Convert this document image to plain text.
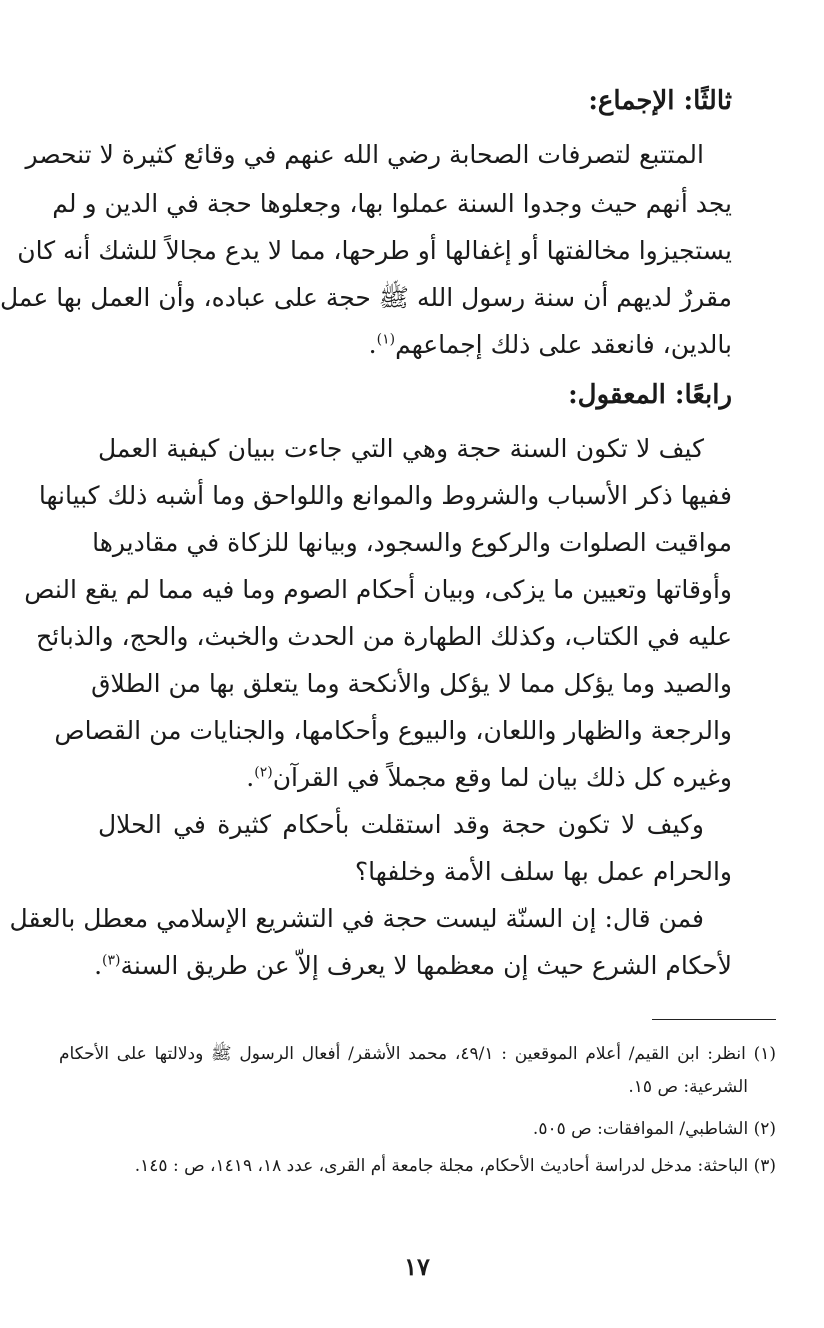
ثالثًا: الإجماع:
المتتبع لتصرفات الصحابة رضي الله عنهم في وقائع كثيرة لا تنحصر
يجد أنهم حيث وجدوا السنة عملوا بها، وجعلوها حجة في الدين و لم
يستجيزوا مخالفتها أو إغفالها أو طرحها، مما لا يدع مجالاً للشك أنه كان
مقررٌ لديهم أن سنة رسول الله ﷺ حجة على عباده، وأن العمل بها عمل
بالدين، فانعقد على ذلك إجماعهم$^{(١)}$.
رابعًا: المعقول:
كيف لا تكون السنة حجة وهي التي جاءت ببيان كيفية العمل
ففيها ذكر الأسباب والشروط والموانع واللواحق وما أشبه ذلك كبيانها
مواقيت الصلوات والركوع والسجود، وبيانها للزكاة في مقاديرها
وأوقاتها وتعيين ما يزكى، وبيان أحكام الصوم وما فيه مما لم يقع النص
عليه في الكتاب، وكذلك الطهارة من الحدث والخبث، والحج، والذبائح
والصيد وما يؤكل مما لا يؤكل والأنكحة وما يتعلق بها من الطلاق
والرجعة والظهار واللعان، والبيوع وأحكامها، والجنايات من القصاص
وغيره كل ذلك بيان لما وقع مجملاً في القرآن$^{(٢)}$.
وكيف لا تكون حجة وقد استقلت بأحكام كثيرة في الحلال
والحرام عمل بها سلف الأمة وخلفها؟
فمن قال: إن السنّة ليست حجة في التشريع الإسلامي معطل بالعقل
لأحكام الشرع حيث إن معظمها لا يعرف إلاّ عن طريق السنة$^{(٣)}$.
(١) انظر: ابن القيم/ أعلام الموقعين : ٤٩/١، محمد الأشقر/ أفعال الرسول ﷺ ودلالتها على الأحكام
الشرعية: ص ١٥.
(٢) الشاطبي/ الموافقات: ص ٥٠٥.
(٣) الباحثة: مدخل لدراسة أحاديث الأحكام، مجلة جامعة أم القرى، عدد ١٨، ١٤١٩، ص : ١٤٥.
١٧
